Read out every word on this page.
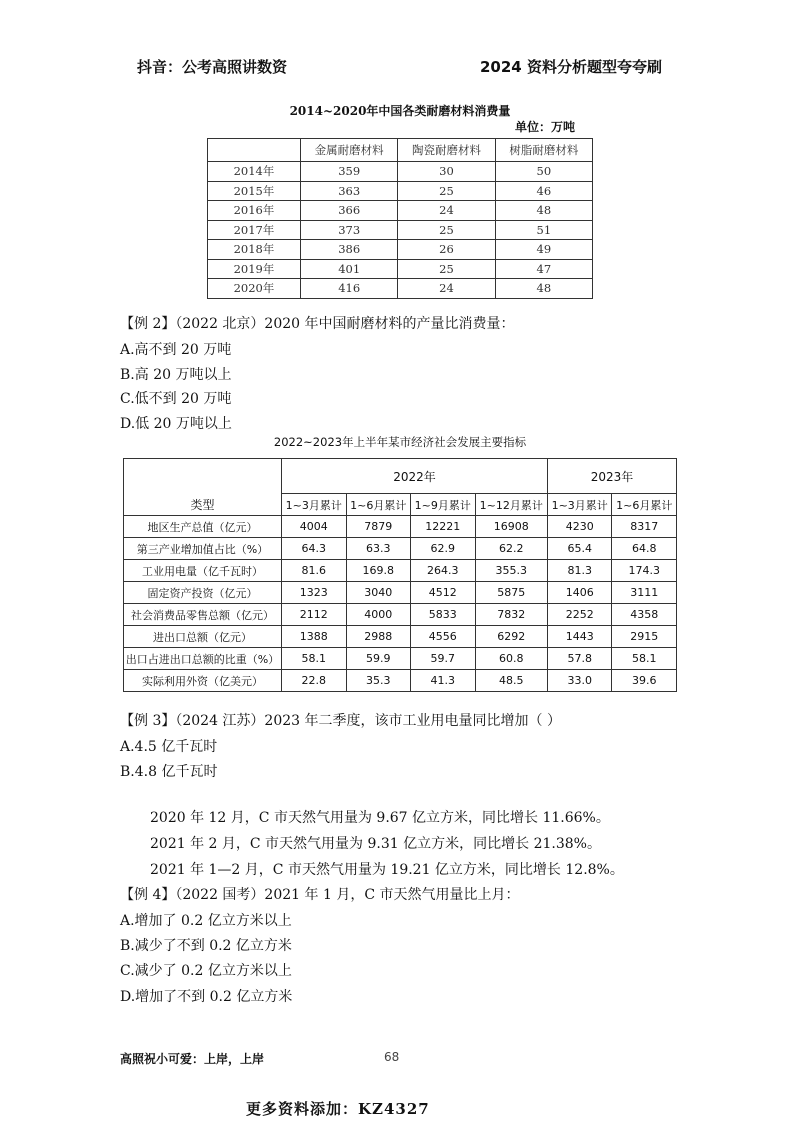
抖音：公考高照讲数资	2024 资料分析题型夸夸刷
2014~2020年中国各类耐磨材料消费量
单位：万吨
	金属耐磨材料	陶瓷耐磨材料	树脂耐磨材料
2014年	359	30	50
2015年	363	25	46
2016年	366	24	48
2017年	373	25	51
2018年	386	26	49
2019年	401	25	47
2020年	416	24	48
【例 2】（2022 北京）2020 年中国耐磨材料的产量比消费量：
A.高不到 20 万吨
B.高 20 万吨以上
C.低不到 20 万吨
D.低 20 万吨以上
2022~2023年上半年某市经济社会发展主要指标
类型	2022年				2023年	
	1~3月累计	1~6月累计	1~9月累计	1~12月累计	1~3月累计	1~6月累计
地区生产总值（亿元）	4004	7879	12221	16908	4230	8317
第三产业增加值占比（%）	64.3	63.3	62.9	62.2	65.4	64.8
工业用电量（亿千瓦时）	81.6	169.8	264.3	355.3	81.3	174.3
固定资产投资（亿元）	1323	3040	4512	5875	1406	3111
社会消费品零售总额（亿元）	2112	4000	5833	7832	2252	4358
进出口总额（亿元）	1388	2988	4556	6292	1443	2915
出口占进出口总额的比重（%）	58.1	59.9	59.7	60.8	57.8	58.1
实际利用外资（亿美元）	22.8	35.3	41.3	48.5	33.0	39.6
【例 3】（2024 江苏）2023 年二季度，该市工业用电量同比增加（ ）
A.4.5 亿千瓦时
B.4.8 亿千瓦时
2020 年 12 月，C 市天然气用量为 9.67 亿立方米，同比增长 11.66%。
2021 年 2 月，C 市天然气用量为 9.31 亿立方米，同比增长 21.38%。
2021 年 1—2 月，C 市天然气用量为 19.21 亿立方米，同比增长 12.8%。
【例 4】（2022 国考）2021 年 1 月，C 市天然气用量比上月：
A.增加了 0.2 亿立方米以上
B.减少了不到 0.2 亿立方米
C.减少了 0.2 亿立方米以上
D.增加了不到 0.2 亿立方米
高照祝小可爱：上岸，上岸	68
更多资料添加：KZ4327
